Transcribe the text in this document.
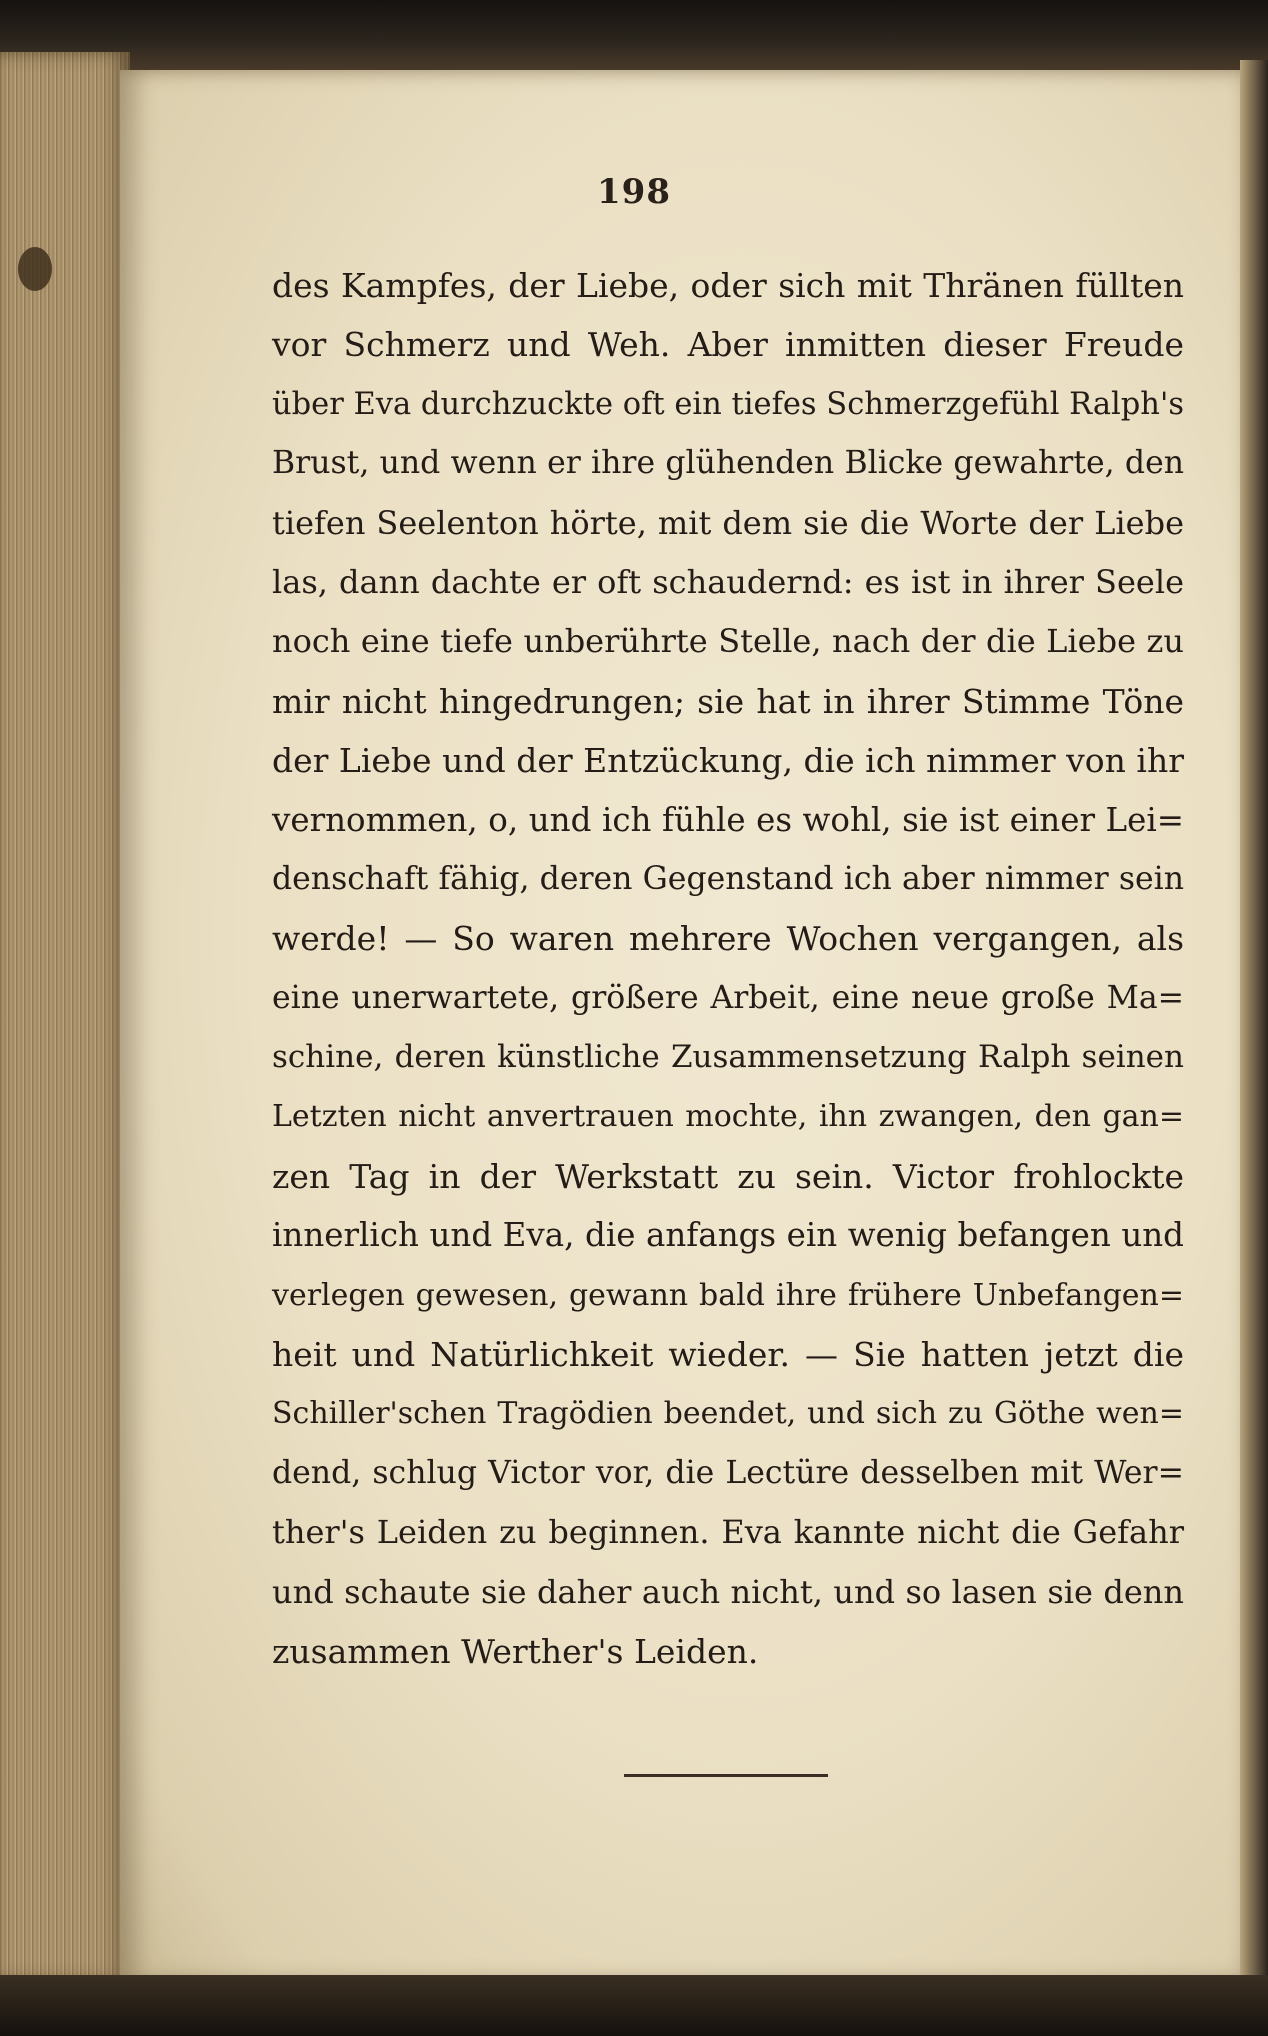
198
des Kampfes, der Liebe, oder sich mit Thränen füllten
vor Schmerz und Weh. Aber inmitten dieser Freude
über Eva durchzuckte oft ein tiefes Schmerzgefühl Ralph's
Brust, und wenn er ihre glühenden Blicke gewahrte, den
tiefen Seelenton hörte, mit dem sie die Worte der Liebe
las, dann dachte er oft schaudernd: es ist in ihrer Seele
noch eine tiefe unberührte Stelle, nach der die Liebe zu
mir nicht hingedrungen; sie hat in ihrer Stimme Töne
der Liebe und der Entzückung, die ich nimmer von ihr
vernommen, o, und ich fühle es wohl, sie ist einer Lei=
denschaft fähig, deren Gegenstand ich aber nimmer sein
werde! — So waren mehrere Wochen vergangen, als
eine unerwartete, größere Arbeit, eine neue große Ma=
schine, deren künstliche Zusammensetzung Ralph seinen
Letzten nicht anvertrauen mochte, ihn zwangen, den gan=
zen Tag in der Werkstatt zu sein. Victor frohlockte
innerlich und Eva, die anfangs ein wenig befangen und
verlegen gewesen, gewann bald ihre frühere Unbefangen=
heit und Natürlichkeit wieder. — Sie hatten jetzt die
Schiller'schen Tragödien beendet, und sich zu Göthe wen=
dend, schlug Victor vor, die Lectüre desselben mit Wer=
ther's Leiden zu beginnen. Eva kannte nicht die Gefahr
und schaute sie daher auch nicht, und so lasen sie denn
zusammen Werther's Leiden.
